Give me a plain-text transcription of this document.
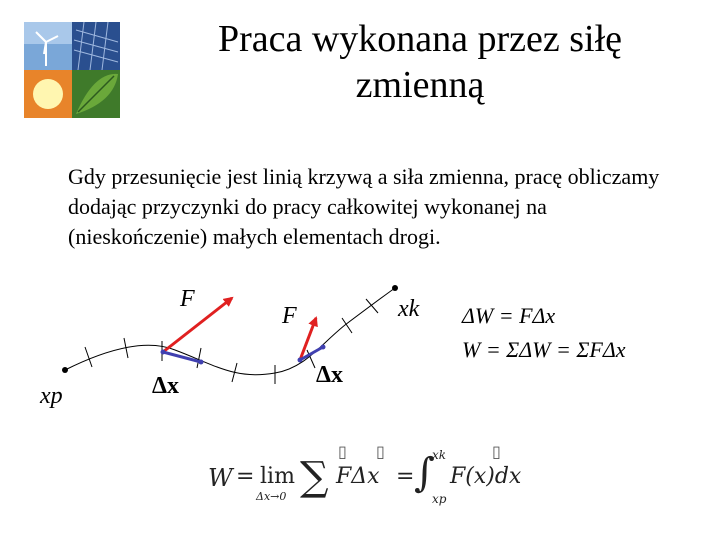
Praca wykonana przez siłę
zmienną
Gdy przesunięcie jest linią krzywą a siła zmienna, pracę obliczamy dodając przyczynki do pracy całkowitej wykonanej na (nieskończenie) małych elementach drogi.
F
F
Δx	Δx
xp
xk ΔW = FΔx
W = ΣΔW = ΣFΔx
W = lim
Δx→0 ∑
▯ ▯
FΔx = ∫
xk
xp
F(x)dx
▯
